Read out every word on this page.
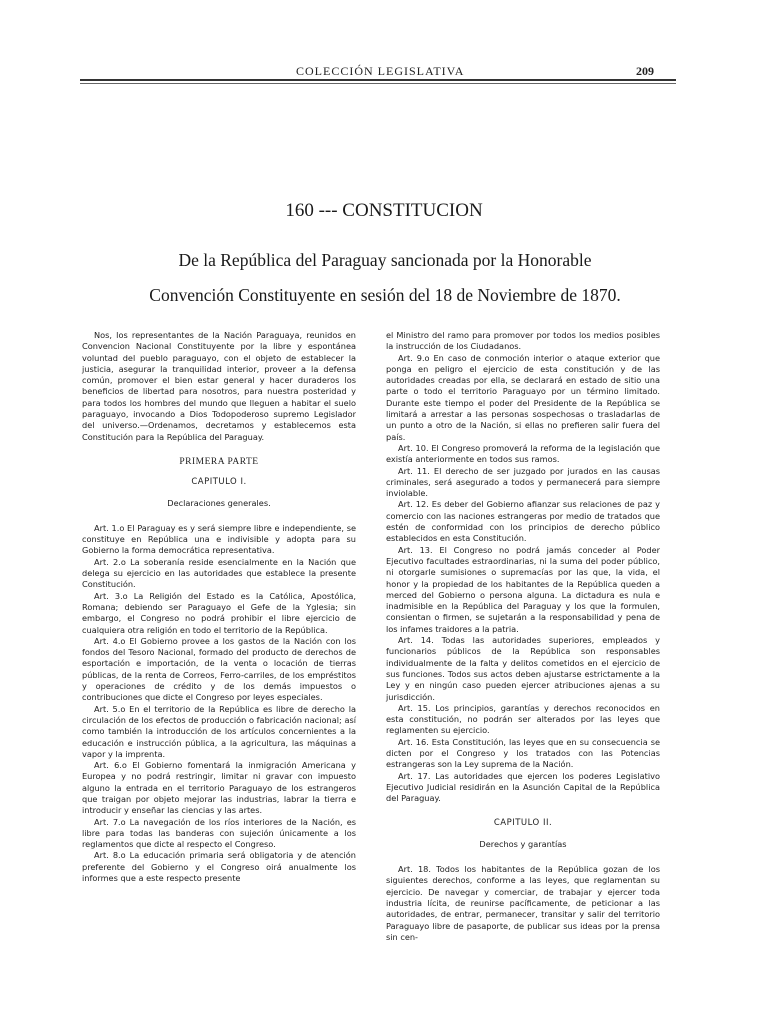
COLECCIÓN LEGISLATIVA	209
160 --- CONSTITUCION
De la República del Paraguay sancionada por la Honorable
Convención Constituyente en sesión del 18 de Noviembre de 1870.

Nos, los representantes de la Nación Paraguaya, reunidos en Convencion Nacional Constituyente por la libre y espontánea voluntad del pueblo paraguayo, con el objeto de establecer la justicia, asegurar la tranquilidad interior, proveer a la defensa común, promover el bien estar general y hacer duraderos los beneficios de libertad para nosotros, para nuestra posteridad y para todos los hombres del mundo que lleguen a habitar el suelo paraguayo, invocando a Dios Todopoderoso supremo Legislador del universo.—Ordenamos, decretamos y establecemos esta Constitución para la República del Paraguay.

PRIMERA PARTE

CAPITULO I.

Declaraciones generales.

Art. 1.o El Paraguay es y será siempre libre e independiente, se constituye en República una e indivisible y adopta para su Gobierno la forma democrática representativa.

Art. 2.o La soberanía reside esencialmente en la Nación que delega su ejercicio en las autoridades que establece la presente Constitución.

Art. 3.o La Religión del Estado es la Católica, Apostólica, Romana; debiendo ser Paraguayo el Gefe de la Yglesia; sin embargo, el Congreso no podrá prohibir el libre ejercicio de cualquiera otra religión en todo el territorio de la República.

Art. 4.o El Gobierno provee a los gastos de la Nación con los fondos del Tesoro Nacional, formado del producto de derechos de esportación e importación, de la venta o locación de tierras públicas, de la renta de Correos, Ferro-carriles, de los empréstitos y operaciones de crédito y de los demás impuestos o contribuciones que dicte el Congreso por leyes especiales.

Art. 5.o En el territorio de la República es libre de derecho la circulación de los efectos de producción o fabricación nacional; así como también la introducción de los artículos concernientes a la educación e instrucción pública, a la agricultura, las máquinas a vapor y la imprenta.

Art. 6.o El Gobierno fomentará la inmigración Americana y Europea y no podrá restringir, limitar ni gravar con impuesto alguno la entrada en el territorio Paraguayo de los estrangeros que traigan por objeto mejorar las industrias, labrar la tierra e introducir y enseñar las ciencias y las artes.

Art. 7.o La navegación de los ríos interiores de la Nación, es libre para todas las banderas con sujeción únicamente a los reglamentos que dicte al respecto el Congreso.

Art. 8.o La educación primaria será obligatoria y de atención preferente del Gobierno y el Congreso oirá anualmente los informes que a este respecto presente

el Ministro del ramo para promover por todos los medios posibles la instrucción de los Ciudadanos.

Art. 9.o En caso de conmoción interior o ataque exterior que ponga en peligro el ejercicio de esta constitución y de las autoridades creadas por ella, se declarará en estado de sitio una parte o todo el territorio Paraguayo por un término limitado. Durante este tiempo el poder del Presidente de la República se limitará a arrestar a las personas sospechosas o trasladarlas de un punto a otro de la Nación, si ellas no prefieren salir fuera del país.

Art. 10. El Congreso promoverá la reforma de la legislación que existía anteriormente en todos sus ramos.

Art. 11. El derecho de ser juzgado por jurados en las causas criminales, será asegurado a todos y permanecerá para siempre inviolable.

Art. 12. Es deber del Gobierno afianzar sus relaciones de paz y comercio con las naciones estrangeras por medio de tratados que estén de conformidad con los principios de derecho público establecidos en esta Constitución.

Art. 13. El Congreso no podrá jamás conceder al Poder Ejecutivo facultades estraordinarias, ni la suma del poder público, ni otorgarle sumisiones o supremacías por las que, la vida, el honor y la propiedad de los habitantes de la República queden a merced del Gobierno o persona alguna. La dictadura es nula e inadmisible en la República del Paraguay y los que la formulen, consientan o firmen, se sujetarán a la responsabilidad y pena de los infames traidores a la patria.

Art. 14. Todas las autoridades superiores, empleados y funcionarios públicos de la República son responsables individualmente de la falta y delitos cometidos en el ejercicio de sus funciones. Todos sus actos deben ajustarse estrictamente a la Ley y en ningún caso pueden ejercer atribuciones ajenas a su jurisdicción.

Art. 15. Los principios, garantías y derechos reconocidos en esta constitución, no podrán ser alterados por las leyes que reglamenten su ejercicio.

Art. 16. Esta Constitución, las leyes que en su consecuencia se dicten por el Congreso y los tratados con las Potencias estrangeras son la Ley suprema de la Nación.

Art. 17. Las autoridades que ejercen los poderes Legislativo Ejecutivo Judicial residirán en la Asunción Capital de la República del Paraguay.

CAPITULO II.

Derechos y garantías

Art. 18. Todos los habitantes de la República gozan de los siguientes derechos, conforme a las leyes, que reglamentan su ejercicio. De navegar y comerciar, de trabajar y ejercer toda industria lícita, de reunirse pacíficamente, de peticionar a las autoridades, de entrar, permanecer, transitar y salir del territorio Paraguayo libre de pasaporte, de publicar sus ideas por la prensa sin cen-
